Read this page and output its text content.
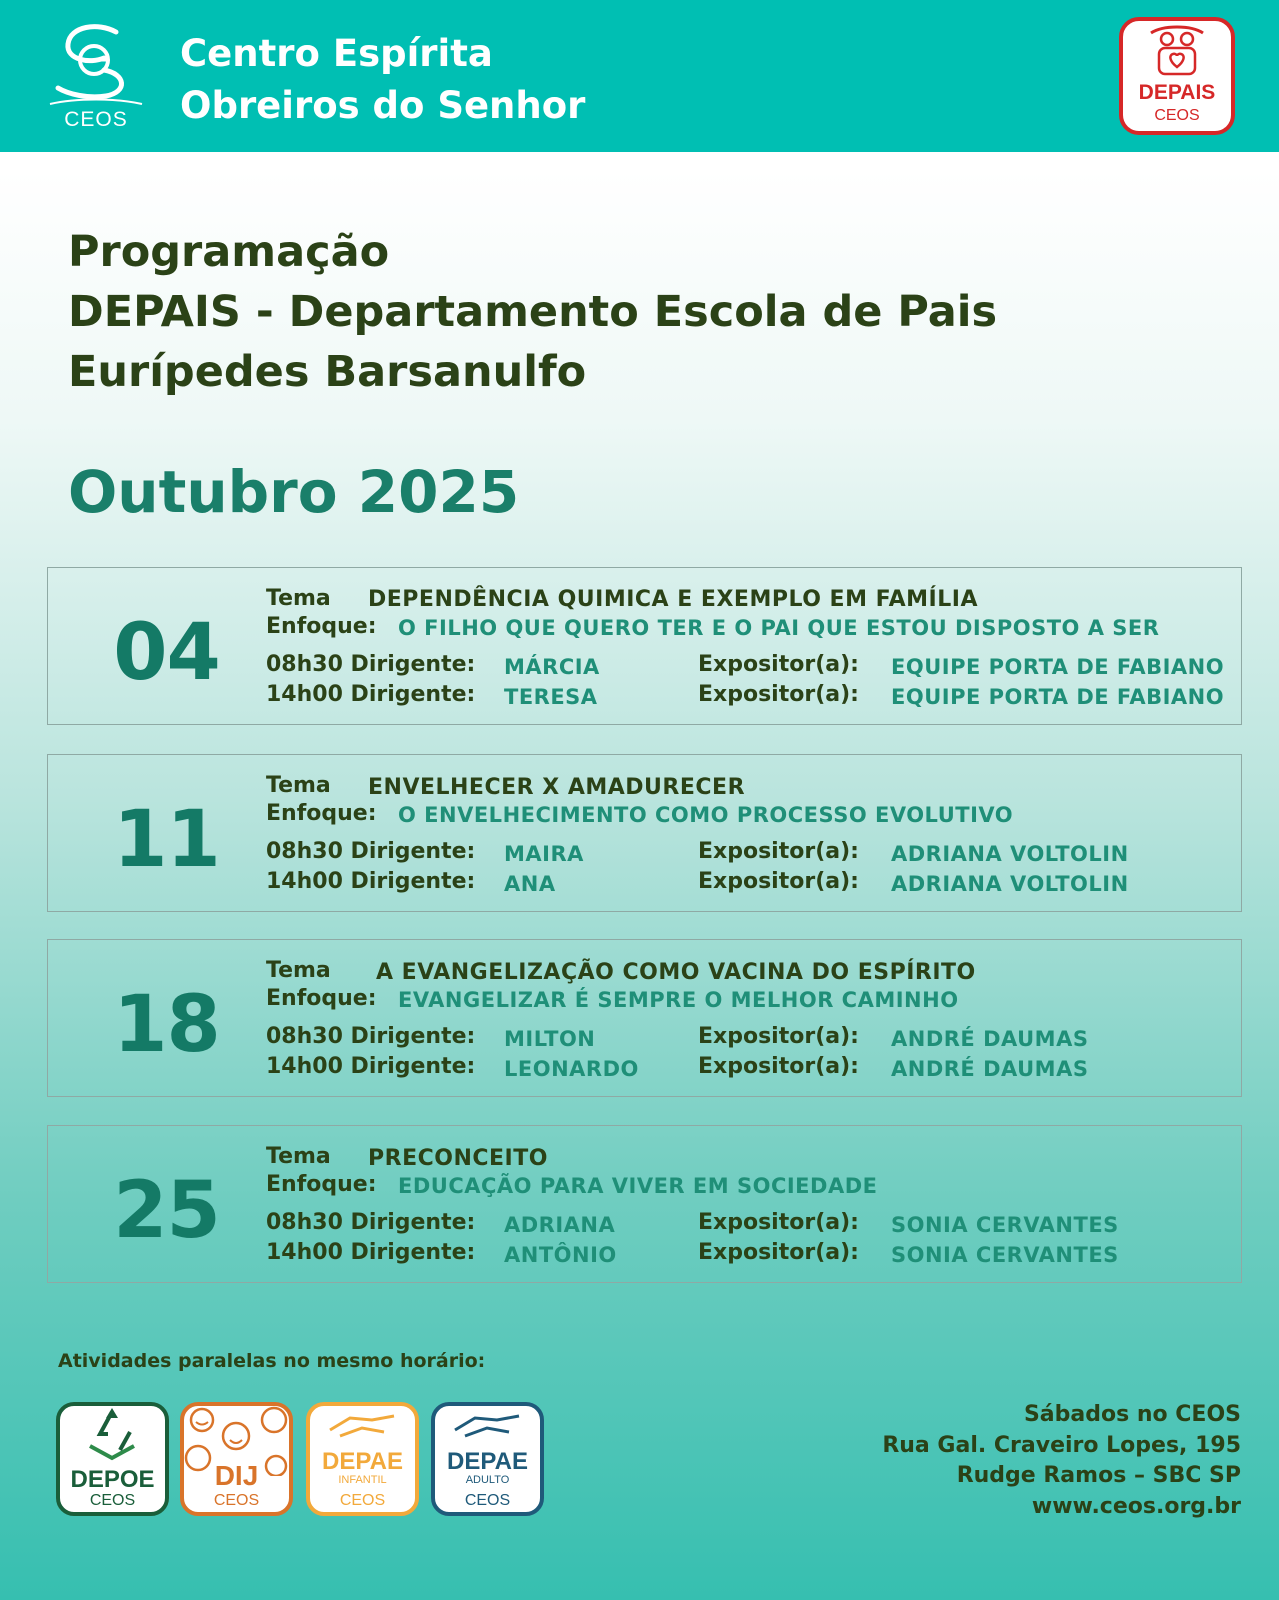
CEOS
Centro Espírita
Obreiros do Senhor	DEPAIS
CEOS
Programação
DEPAIS - Departamento Escola de Pais
Eurípedes Barsanulfo
Outubro 2025
04
Tema DEPENDÊNCIA QUIMICA E EXEMPLO EM FAMÍLIA
Enfoque: O FILHO QUE QUERO TER E O PAI QUE ESTOU DISPOSTO A SER
08h30 Dirigente: MÁRCIA	Expositor(a): EQUIPE PORTA DE FABIANO
14h00 Dirigente: TERESA	Expositor(a): EQUIPE PORTA DE FABIANO
11
Tema ENVELHECER X AMADURECER
Enfoque: O ENVELHECIMENTO COMO PROCESSO EVOLUTIVO
08h30 Dirigente: MAIRA	Expositor(a): ADRIANA VOLTOLIN
14h00 Dirigente: ANA	Expositor(a): ADRIANA VOLTOLIN
18
Tema A EVANGELIZAÇÃO COMO VACINA DO ESPÍRITO
Enfoque: EVANGELIZAR É SEMPRE O MELHOR CAMINHO
08h30 Dirigente: MILTON	Expositor(a): ANDRÉ DAUMAS
14h00 Dirigente: LEONARDO	Expositor(a): ANDRÉ DAUMAS
25
Tema PRECONCEITO
Enfoque: EDUCAÇÃO PARA VIVER EM SOCIEDADE
08h30 Dirigente: ADRIANA	Expositor(a): SONIA CERVANTES
14h00 Dirigente: ANTÔNIO	Expositor(a): SONIA CERVANTES
Atividades paralelas no mesmo horário:
DEPOE
CEOS
DIJ
CEOS
DEPAE
INFANTIL
CEOS
DEPAE
ADULTO
CEOS
Sábados no CEOS
Rua Gal. Craveiro Lopes, 195
Rudge Ramos – SBC SP
www.ceos.org.br
